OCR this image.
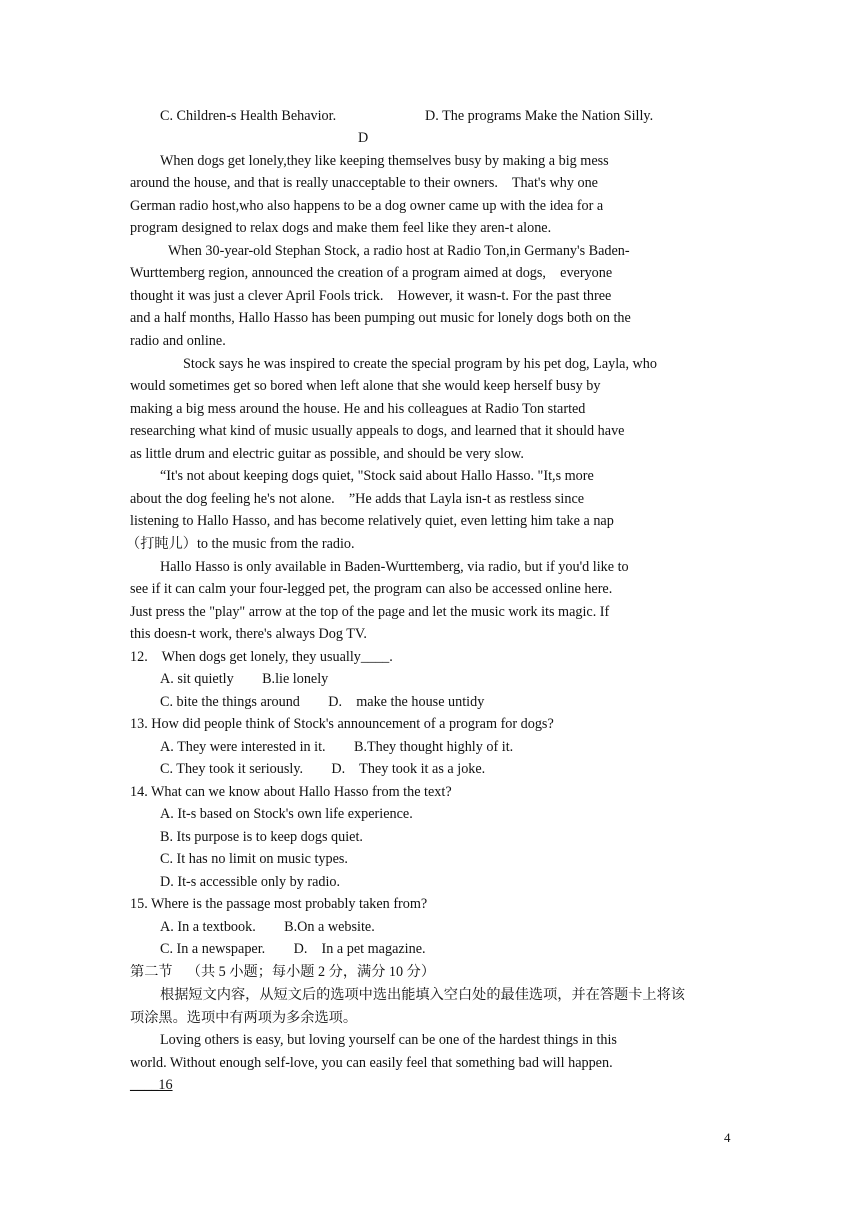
C. Children-s Health Behavior.	D. The programs Make the Nation Silly.
D
When dogs get lonely,they like keeping themselves busy by making a big mess
around the house, and that is really unacceptable to their owners.    That's why one
German radio host,who also happens to be a dog owner came up with the idea for a
program designed to relax dogs and make them feel like they aren-t alone.
When 30-year-old Stephan Stock, a radio host at Radio Ton,in Germany's Baden-
Wurttemberg region, announced the creation of a program aimed at dogs,    everyone
thought it was just a clever April Fools trick.    However, it wasn-t. For the past three
and a half months, Hallo Hasso has been pumping out music for lonely dogs both on the
radio and online.
Stock says he was inspired to create the special program by his pet dog, Layla, who
would sometimes get so bored when left alone that she would keep herself busy by
making a big mess around the house. He and his colleagues at Radio Ton started
researching what kind of music usually appeals to dogs, and learned that it should have
as little drum and electric guitar as possible, and should be very slow.
“It's not about keeping dogs quiet, "Stock said about Hallo Hasso. "It,s more
about the dog feeling he's not alone.    ”He adds that Layla isn-t as restless since
listening to Hallo Hasso, and has become relatively quiet, even letting him take a nap
（打盹儿）to the music from the radio.
Hallo Hasso is only available in Baden-Wurttemberg, via radio, but if you'd like to
see if it can calm your four-legged pet, the program can also be accessed online here.
Just press the "play" arrow at the top of the page and let the music work its magic. If
this doesn-t work, there's always Dog TV.
12.    When dogs get lonely, they usually____.
A. sit quietly        B.lie lonely
C. bite the things around        D.    make the house untidy
13. How did people think of Stock's announcement of a program for dogs?
A. They were interested in it.        B.They thought highly of it.
C. They took it seriously.        D.    They took it as a joke.
14. What can we know about Hallo Hasso from the text?
A. It-s based on Stock's own life experience.
B. Its purpose is to keep dogs quiet.
C. It has no limit on music types.
D. It-s accessible only by radio.
15. Where is the passage most probably taken from?
A. In a textbook.        B.On a website.
C. In a newspaper.        D.    In a pet magazine.
第二节    （共 5 小题；每小题 2 分，满分 10 分）
根据短文内容，从短文后的选项中选出能填入空白处的最佳选项，并在答题卡上将该
项涂黑。选项中有两项为多余选项。
Loving others is easy, but loving yourself can be one of the hardest things in this
world. Without enough self-love, you can easily feel that something bad will happen.
____16
4
